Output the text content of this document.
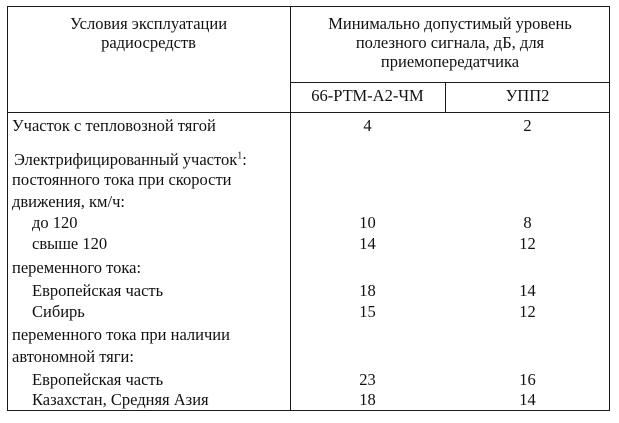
Условия эксплуатации
радиосредств
Минимально допустимый уровень
полезного сигнала, дБ, для
приемопередатчика
66-РТМ-А2-ЧМ	УПП2
Участок с тепловозной тягой	4	2
Электрифицированный участок$^1$:
постоянного тока при скорости
движения, км/ч:
до 120	10	8
свыше 120	14	12
переменного тока:
Европейская часть	18	14
Сибирь	15	12
переменного тока при наличии
автономной тяги:
Европейская часть	23	16
Казахстан, Средняя Азия	18	14
